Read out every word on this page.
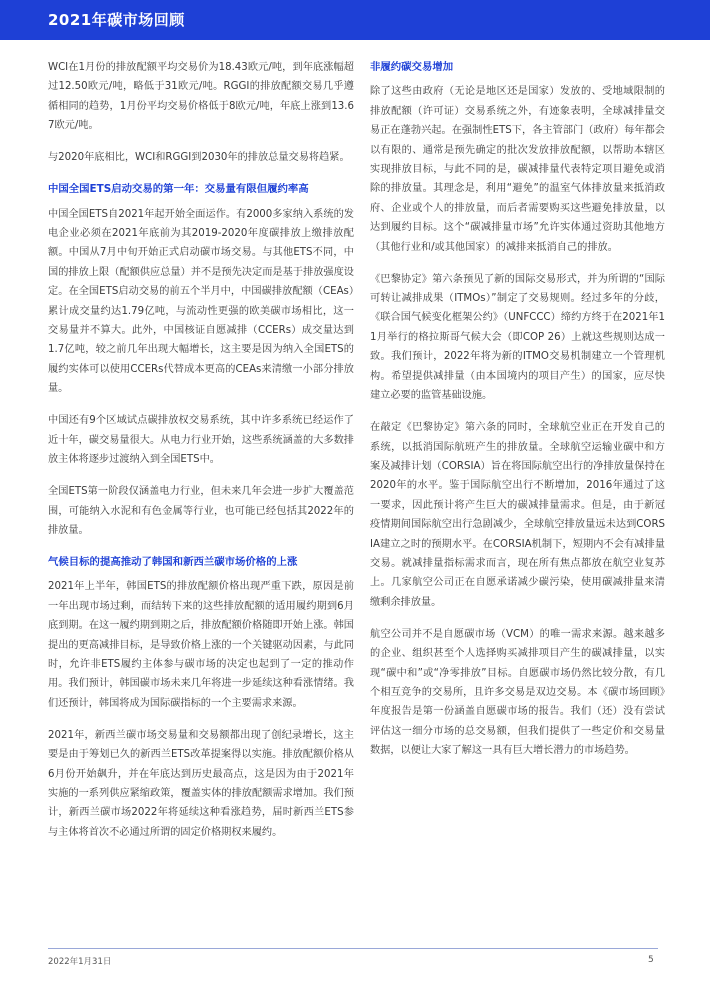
2021年碳市场回顾

WCI在1月份的排放配额平均交易价为18.43欧元/吨，到年底涨幅超过12.50欧元/吨，略低于31欧元/吨。RGGI的排放配额交易几乎遵循相同的趋势，1月份平均交易价格低于8欧元/吨，年底上涨到13.67欧元/吨。

与2020年底相比，WCI和RGGI到2030年的排放总量交易将趋紧。

中国全国ETS启动交易的第一年：交易量有限但履约率高

中国全国ETS自2021年起开始全面运作。有2000多家纳入系统的发电企业必须在2021年底前为其2019-2020年度碳排放上缴排放配额。中国从7月中旬开始正式启动碳市场交易。与其他ETS不同，中国的排放上限（配额供应总量）并不是预先决定而是基于排放强度设定。在全国ETS启动交易的前五个半月中，中国碳排放配额（CEAs）累计成交量约达1.79亿吨，与流动性更强的欧美碳市场相比，这一交易量并不算大。此外，中国核证自愿减排（CCERs）成交量达到1.7亿吨，较之前几年出现大幅增长，这主要是因为纳入全国ETS的履约实体可以使用CCERs代替成本更高的CEAs来清缴一小部分排放量。

中国还有9个区域试点碳排放权交易系统，其中许多系统已经运作了近十年，碳交易量很大。从电力行业开始，这些系统涵盖的大多数排放主体将逐步过渡纳入到全国ETS中。

全国ETS第一阶段仅涵盖电力行业，但未来几年会进一步扩大覆盖范围，可能纳入水泥和有色金属等行业，也可能已经包括其2022年的排放量。

气候目标的提高推动了韩国和新西兰碳市场价格的上涨

2021年上半年，韩国ETS的排放配额价格出现严重下跌，原因是前一年出现市场过剩，而结转下来的这些排放配额的适用履约期到6月底到期。在这一履约期到期之后，排放配额价格随即开始上涨。韩国提出的更高减排目标，是导致价格上涨的一个关键驱动因素，与此同时，允许非ETS履约主体参与碳市场的决定也起到了一定的推动作用。我们预计，韩国碳市场未来几年将进一步延续这种看涨情绪。我们还预计，韩国将成为国际碳指标的一个主要需求来源。

2021年，新西兰碳市场交易量和交易额都出现了创纪录增长，这主要是由于筹划已久的新西兰ETS改革提案得以实施。排放配额价格从6月份开始飙升，并在年底达到历史最高点，这是因为由于2021年实施的一系列供应紧缩政策，覆盖实体的排放配额需求增加。我们预计，新西兰碳市场2022年将延续这种看涨趋势，届时新西兰ETS参与主体将首次不必通过所谓的固定价格期权来履约。

非履约碳交易增加

除了这些由政府（无论是地区还是国家）发放的、受地域限制的排放配额（许可证）交易系统之外，有迹象表明，全球减排量交易正在蓬勃兴起。在强制性ETS下，各主管部门（政府）每年都会以有限的、通常是预先确定的批次发放排放配额，以帮助本辖区实现排放目标，与此不同的是，碳减排量代表特定项目避免或消除的排放量。其理念是，利用“避免”的温室气体排放量来抵消政府、企业或个人的排放量，而后者需要购买这些避免排放量，以达到履约目标。这个“碳减排量市场”允许实体通过资助其他地方（其他行业和/或其他国家）的减排来抵消自己的排放。

《巴黎协定》第六条预见了新的国际交易形式，并为所谓的“国际可转让减排成果（ITMOs）”制定了交易规则。经过多年的分歧，《联合国气候变化框架公约》（UNFCCC）缔约方终于在2021年11月举行的格拉斯哥气候大会（即COP 26）上就这些规则达成一致。我们预计，2022年将为新的ITMO交易机制建立一个管理机构。希望提供减排量（由本国境内的项目产生）的国家，应尽快建立必要的监管基础设施。

在敲定《巴黎协定》第六条的同时，全球航空业正在开发自己的系统，以抵消国际航班产生的排放量。全球航空运输业碳中和方案及减排计划（CORSIA）旨在将国际航空出行的净排放量保持在2020年的水平。鉴于国际航空出行不断增加，2016年通过了这一要求，因此预计将产生巨大的碳减排量需求。但是，由于新冠疫情期间国际航空出行急剧减少，全球航空排放量远未达到CORSIA建立之时的预期水平。在CORSIA机制下，短期内不会有减排量交易。就减排量指标需求而言，现在所有焦点都放在航空业复苏上。几家航空公司正在自愿承诺减少碳污染，使用碳减排量来清缴剩余排放量。

航空公司并不是自愿碳市场（VCM）的唯一需求来源。越来越多的企业、组织甚至个人选择购买减排项目产生的碳减排量，以实现“碳中和”或“净零排放”目标。自愿碳市场仍然比较分散，有几个相互竞争的交易所，且许多交易是双边交易。本《碳市场回顾》年度报告是第一份涵盖自愿碳市场的报告。我们（还）没有尝试评估这一细分市场的总交易额，但我们提供了一些定价和交易量数据，以便让大家了解这一具有巨大增长潜力的市场趋势。

2022年1月31日	5
